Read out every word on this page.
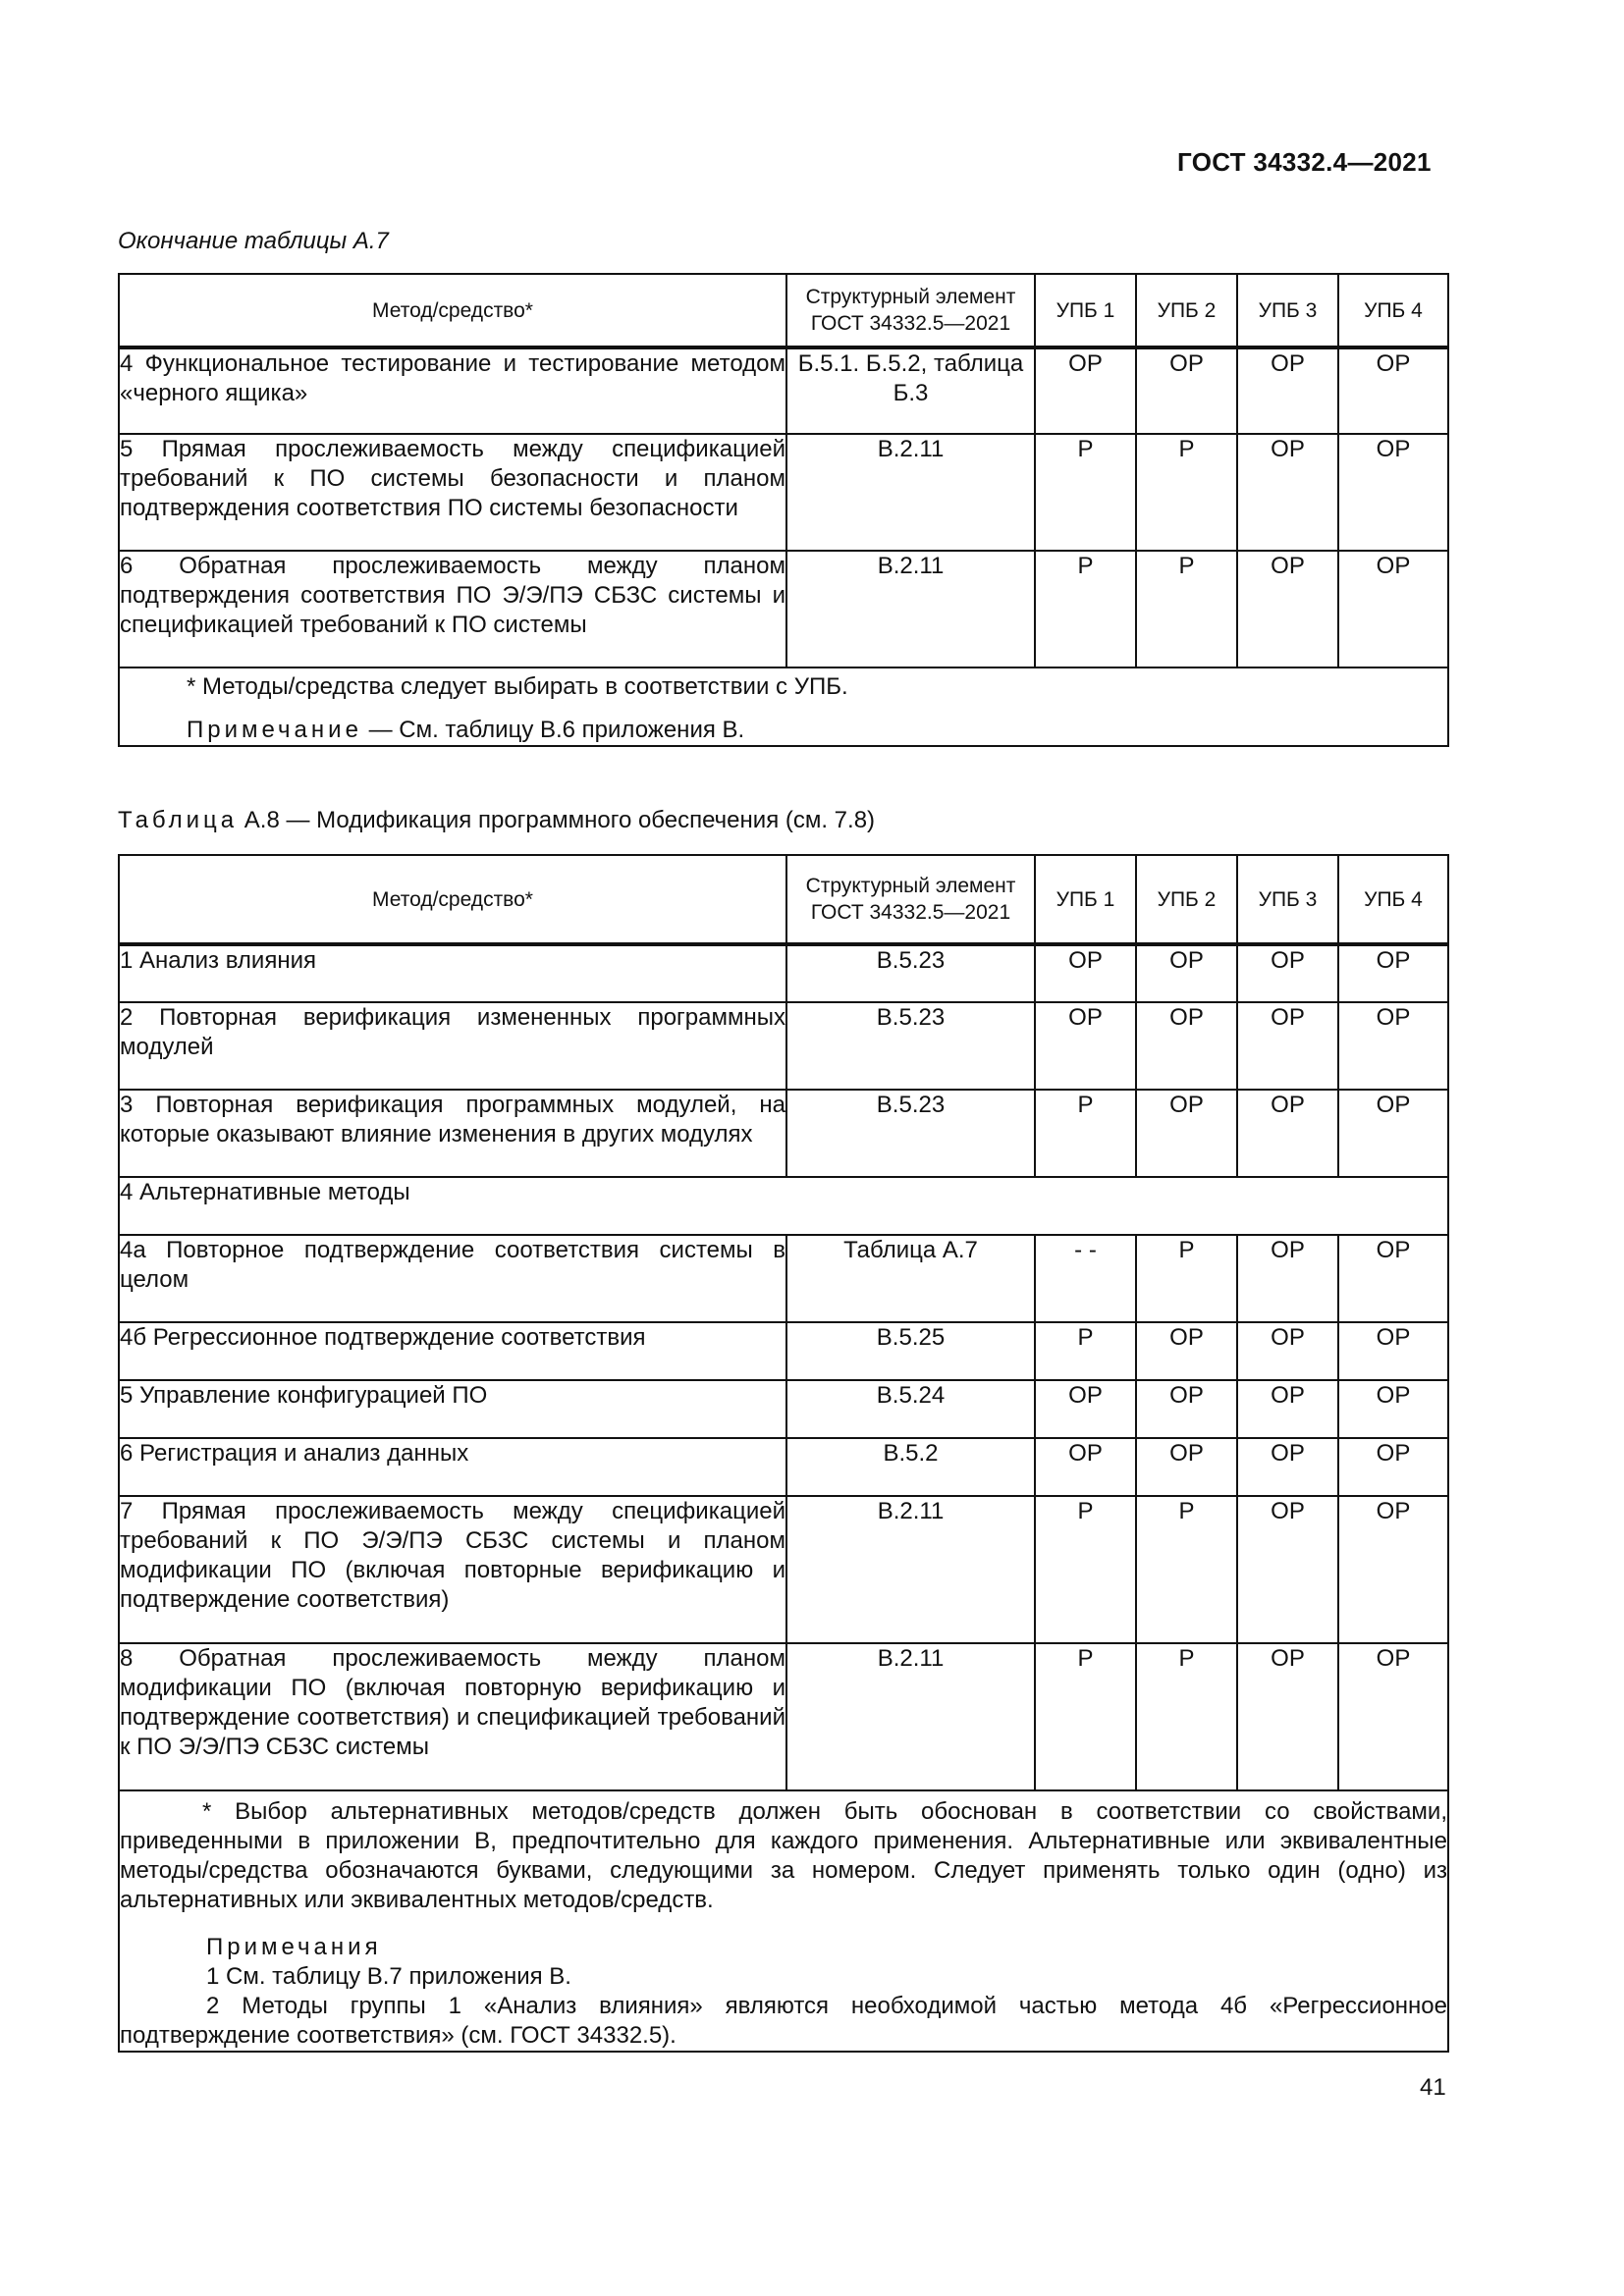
ГОСТ 34332.4—2021
Окончание таблицы А.7
Метод/средство*	Структурный элемент ГОСТ 34332.5—2021	УПБ 1	УПБ 2	УПБ 3	УПБ 4
4 Функциональное тестирование и тестирование методом «черного ящика»	Б.5.1. Б.5.2, таблица Б.3	ОР	ОР	ОР	ОР
5 Прямая прослеживаемость между спецификацией требований к ПО системы безопасности и планом подтверждения соответствия ПО системы безопасности	В.2.11	Р	Р	ОР	ОР
6 Обратная прослеживаемость между планом подтверждения соответствия ПО Э/Э/ПЭ СБЗС системы и спецификацией требований к ПО системы	В.2.11	Р	Р	ОР	ОР

* Методы/средства следует выбирать в соответствии с УПБ.

Примечание — См. таблицу В.6 приложения В.					

Таблица А.8 — Модификация программного обеспечения (см. 7.8)
Метод/средство*	Структурный элемент ГОСТ 34332.5—2021	УПБ 1	УПБ 2	УПБ 3	УПБ 4
1 Анализ влияния	В.5.23	ОР	ОР	ОР	ОР
2 Повторная верификация измененных программных модулей	В.5.23	ОР	ОР	ОР	ОР
3 Повторная верификация программных модулей, на которые оказывают влияние изменения в других модулях	В.5.23	Р	ОР	ОР	ОР
4 Альтернативные методы					
4а Повторное подтверждение соответствия системы в целом	Таблица А.7	- -	Р	ОР	ОР
4б Регрессионное подтверждение соответствия	В.5.25	Р	ОР	ОР	ОР
5 Управление конфигурацией ПО	В.5.24	ОР	ОР	ОР	ОР
6 Регистрация и анализ данных	В.5.2	ОР	ОР	ОР	ОР
7 Прямая прослеживаемость между спецификацией требований к ПО Э/Э/ПЭ СБЗС системы и планом модификации ПО (включая повторные верификацию и подтверждение соответствия)	В.2.11	Р	Р	ОР	ОР
8 Обратная прослеживаемость между планом модификации ПО (включая повторную верификацию и подтверждение соответствия) и спецификацией требований к ПО Э/Э/ПЭ СБЗС системы	В.2.11	Р	Р	ОР	ОР

* Выбор альтернативных методов/средств должен быть обоснован в соответствии со свойствами, приведенными в приложении В, предпочтительно для каждого применения. Альтернативные или эквивалентные методы/средства обозначаются буквами, следующими за номером. Следует применять только один (одно) из альтернативных или эквивалентных методов/средств.

Примечания

1 См. таблицу В.7 приложения В.

2 Методы группы 1 «Анализ влияния» являются необходимой частью метода 4б «Регрессионное подтверждение соответствия» (см. ГОСТ 34332.5).					

41
